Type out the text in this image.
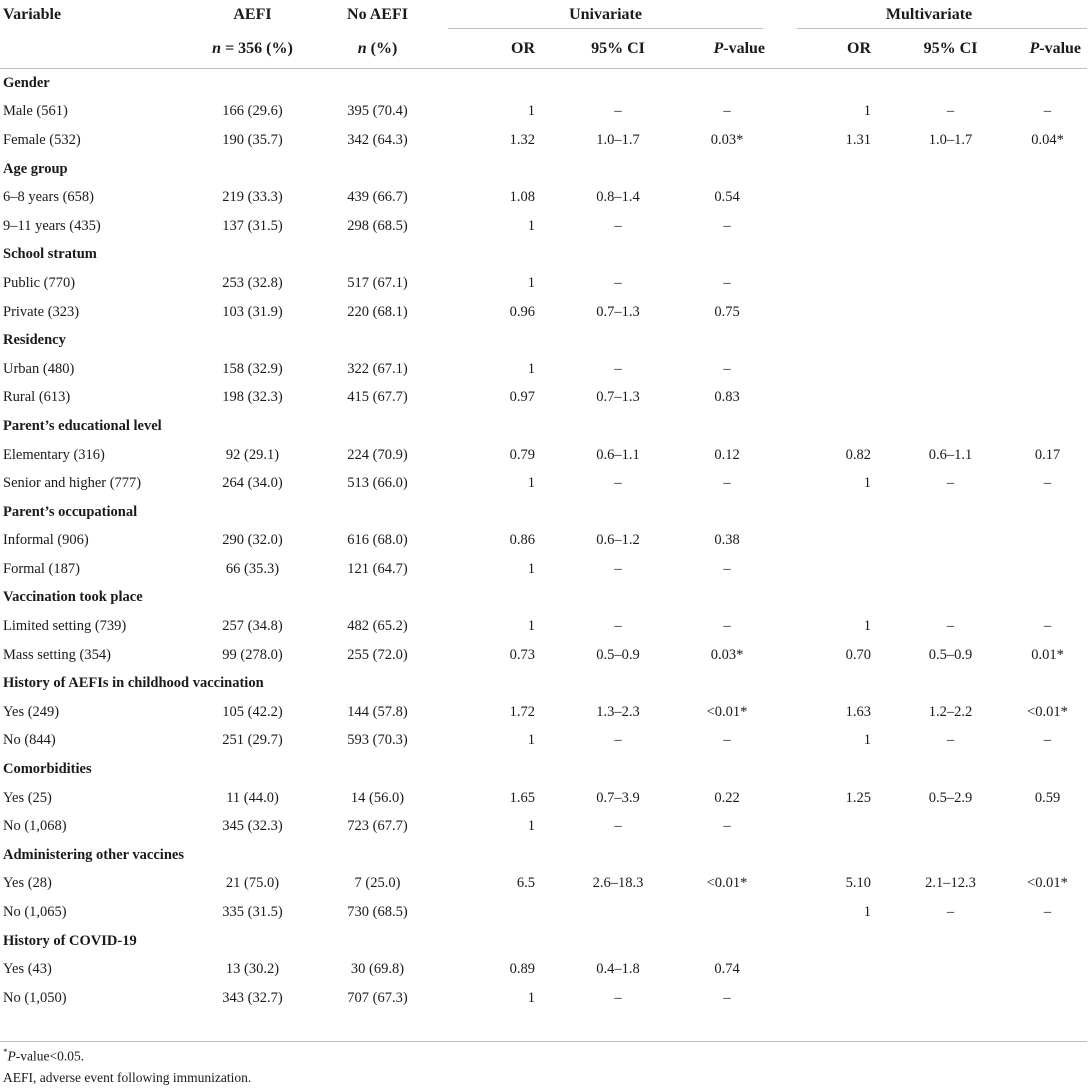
Variable	AEFI	No AEFI	Univariate			Multivariate		

	n = 356 (%)	n (%)	OR	95% CI	P-value	OR	95% CI	P-value
Gender								
Male (561)	166 (29.6)	395 (70.4)	1	–	–	1	–	–
Female (532)	190 (35.7)	342 (64.3)	1.32	1.0–1.7	0.03*	1.31	1.0–1.7	0.04*
Age group								
6–8 years (658)	219 (33.3)	439 (66.7)	1.08	0.8–1.4	0.54			
9–11 years (435)	137 (31.5)	298 (68.5)	1	–	–			
School stratum								
Public (770)	253 (32.8)	517 (67.1)	1	–	–			
Private (323)	103 (31.9)	220 (68.1)	0.96	0.7–1.3	0.75			
Residency								
Urban (480)	158 (32.9)	322 (67.1)	1	–	–			
Rural (613)	198 (32.3)	415 (67.7)	0.97	0.7–1.3	0.83			
Parent’s educational level								
Elementary (316)	92 (29.1)	224 (70.9)	0.79	0.6–1.1	0.12	0.82	0.6–1.1	0.17
Senior and higher (777)	264 (34.0)	513 (66.0)	1	–	–	1	–	–
Parent’s occupational								
Informal (906)	290 (32.0)	616 (68.0)	0.86	0.6–1.2	0.38			
Formal (187)	66 (35.3)	121 (64.7)	1	–	–			
Vaccination took place								
Limited setting (739)	257 (34.8)	482 (65.2)	1	–	–	1	–	–
Mass setting (354)	99 (278.0)	255 (72.0)	0.73	0.5–0.9	0.03*	0.70	0.5–0.9	0.01*
History of AEFIs in childhood vaccination								
Yes (249)	105 (42.2)	144 (57.8)	1.72	1.3–2.3	<0.01*	1.63	1.2–2.2	<0.01*
No (844)	251 (29.7)	593 (70.3)	1	–	–	1	–	–
Comorbidities								
Yes (25)	11 (44.0)	14 (56.0)	1.65	0.7–3.9	0.22	1.25	0.5–2.9	0.59
No (1,068)	345 (32.3)	723 (67.7)	1	–	–			
Administering other vaccines								
Yes (28)	21 (75.0)	7 (25.0)	6.5	2.6–18.3	<0.01*	5.10	2.1–12.3	<0.01*
No (1,065)	335 (31.5)	730 (68.5)				1	–	–
History of COVID-19								
Yes (43)	13 (30.2)	30 (69.8)	0.89	0.4–1.8	0.74			
No (1,050)	343 (32.7)	707 (67.3)	1	–	–			
*P-value<0.05.
AEFI, adverse event following immunization.
